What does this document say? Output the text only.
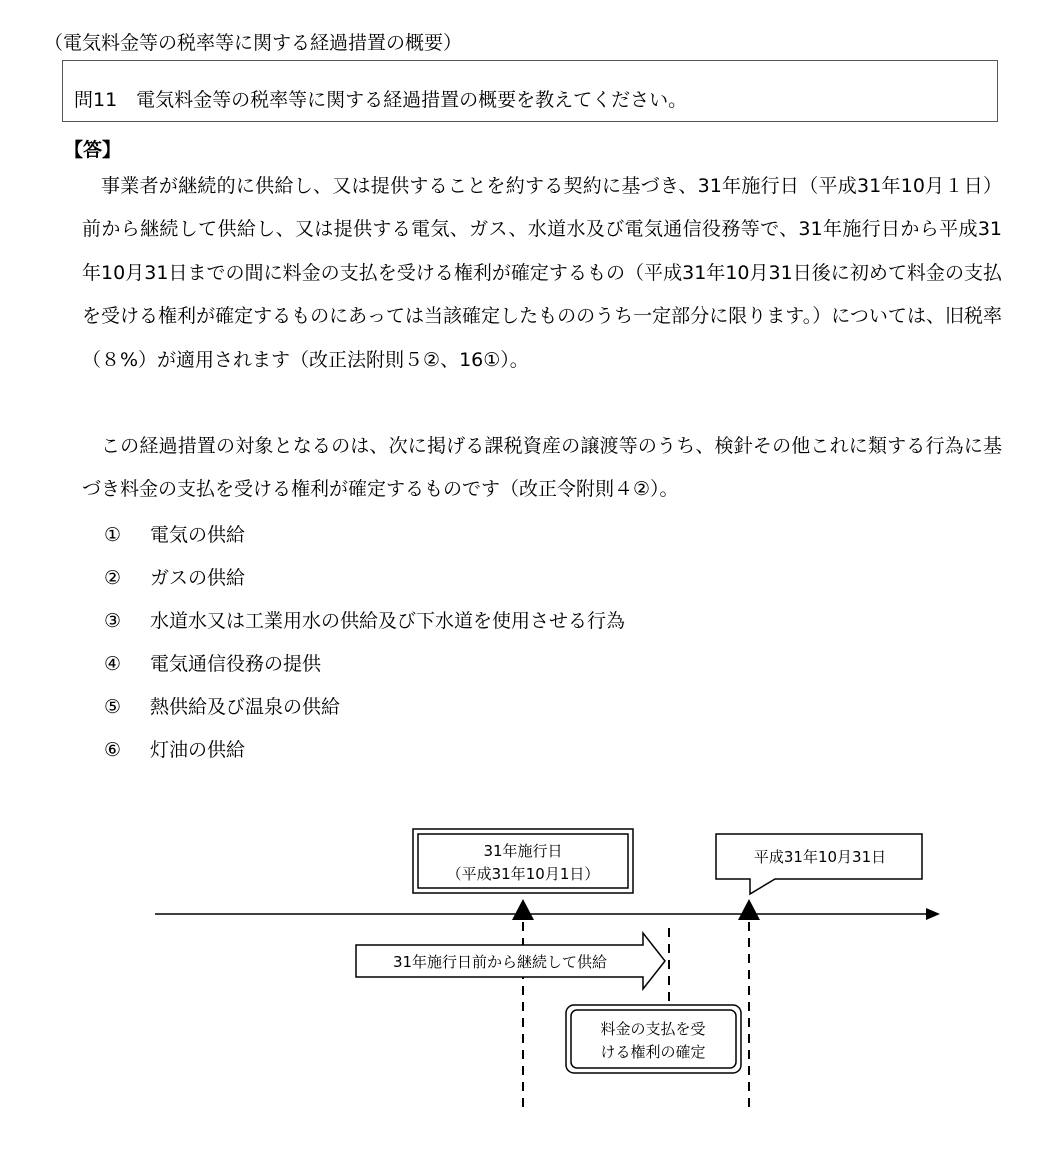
（電気料金等の税率等に関する経過措置の概要）
問11　電気料金等の税率等に関する経過措置の概要を教えてください。
【答】

事業者が継続的に供給し、又は提供することを約する契約に基づき、31年施行日（平成31年10月１日）前から継続して供給し、又は提供する電気、ガス、水道水及び電気通信役務等で、31年施行日から平成31年10月31日までの間に料金の支払を受ける権利が確定するもの（平成31年10月31日後に初めて料金の支払を受ける権利が確定するものにあっては当該確定したもののうち一定部分に限ります。）については、旧税率（８%）が適用されます（改正法附則５②、16①）。

この経過措置の対象となるのは、次に掲げる課税資産の譲渡等のうち、検針その他これに類する行為に基づき料金の支払を受ける権利が確定するものです（改正令附則４②）。

① 電気の供給
② ガスの供給
③ 水道水又は工業用水の供給及び下水道を使用させる行為
④ 電気通信役務の提供
⑤ 熱供給及び温泉の供給
⑥ 灯油の供給
31年施行日
（平成31年10月1日）
平成31年10月31日
31年施行日前から継続して供給
料金の支払を受
ける権利の確定
